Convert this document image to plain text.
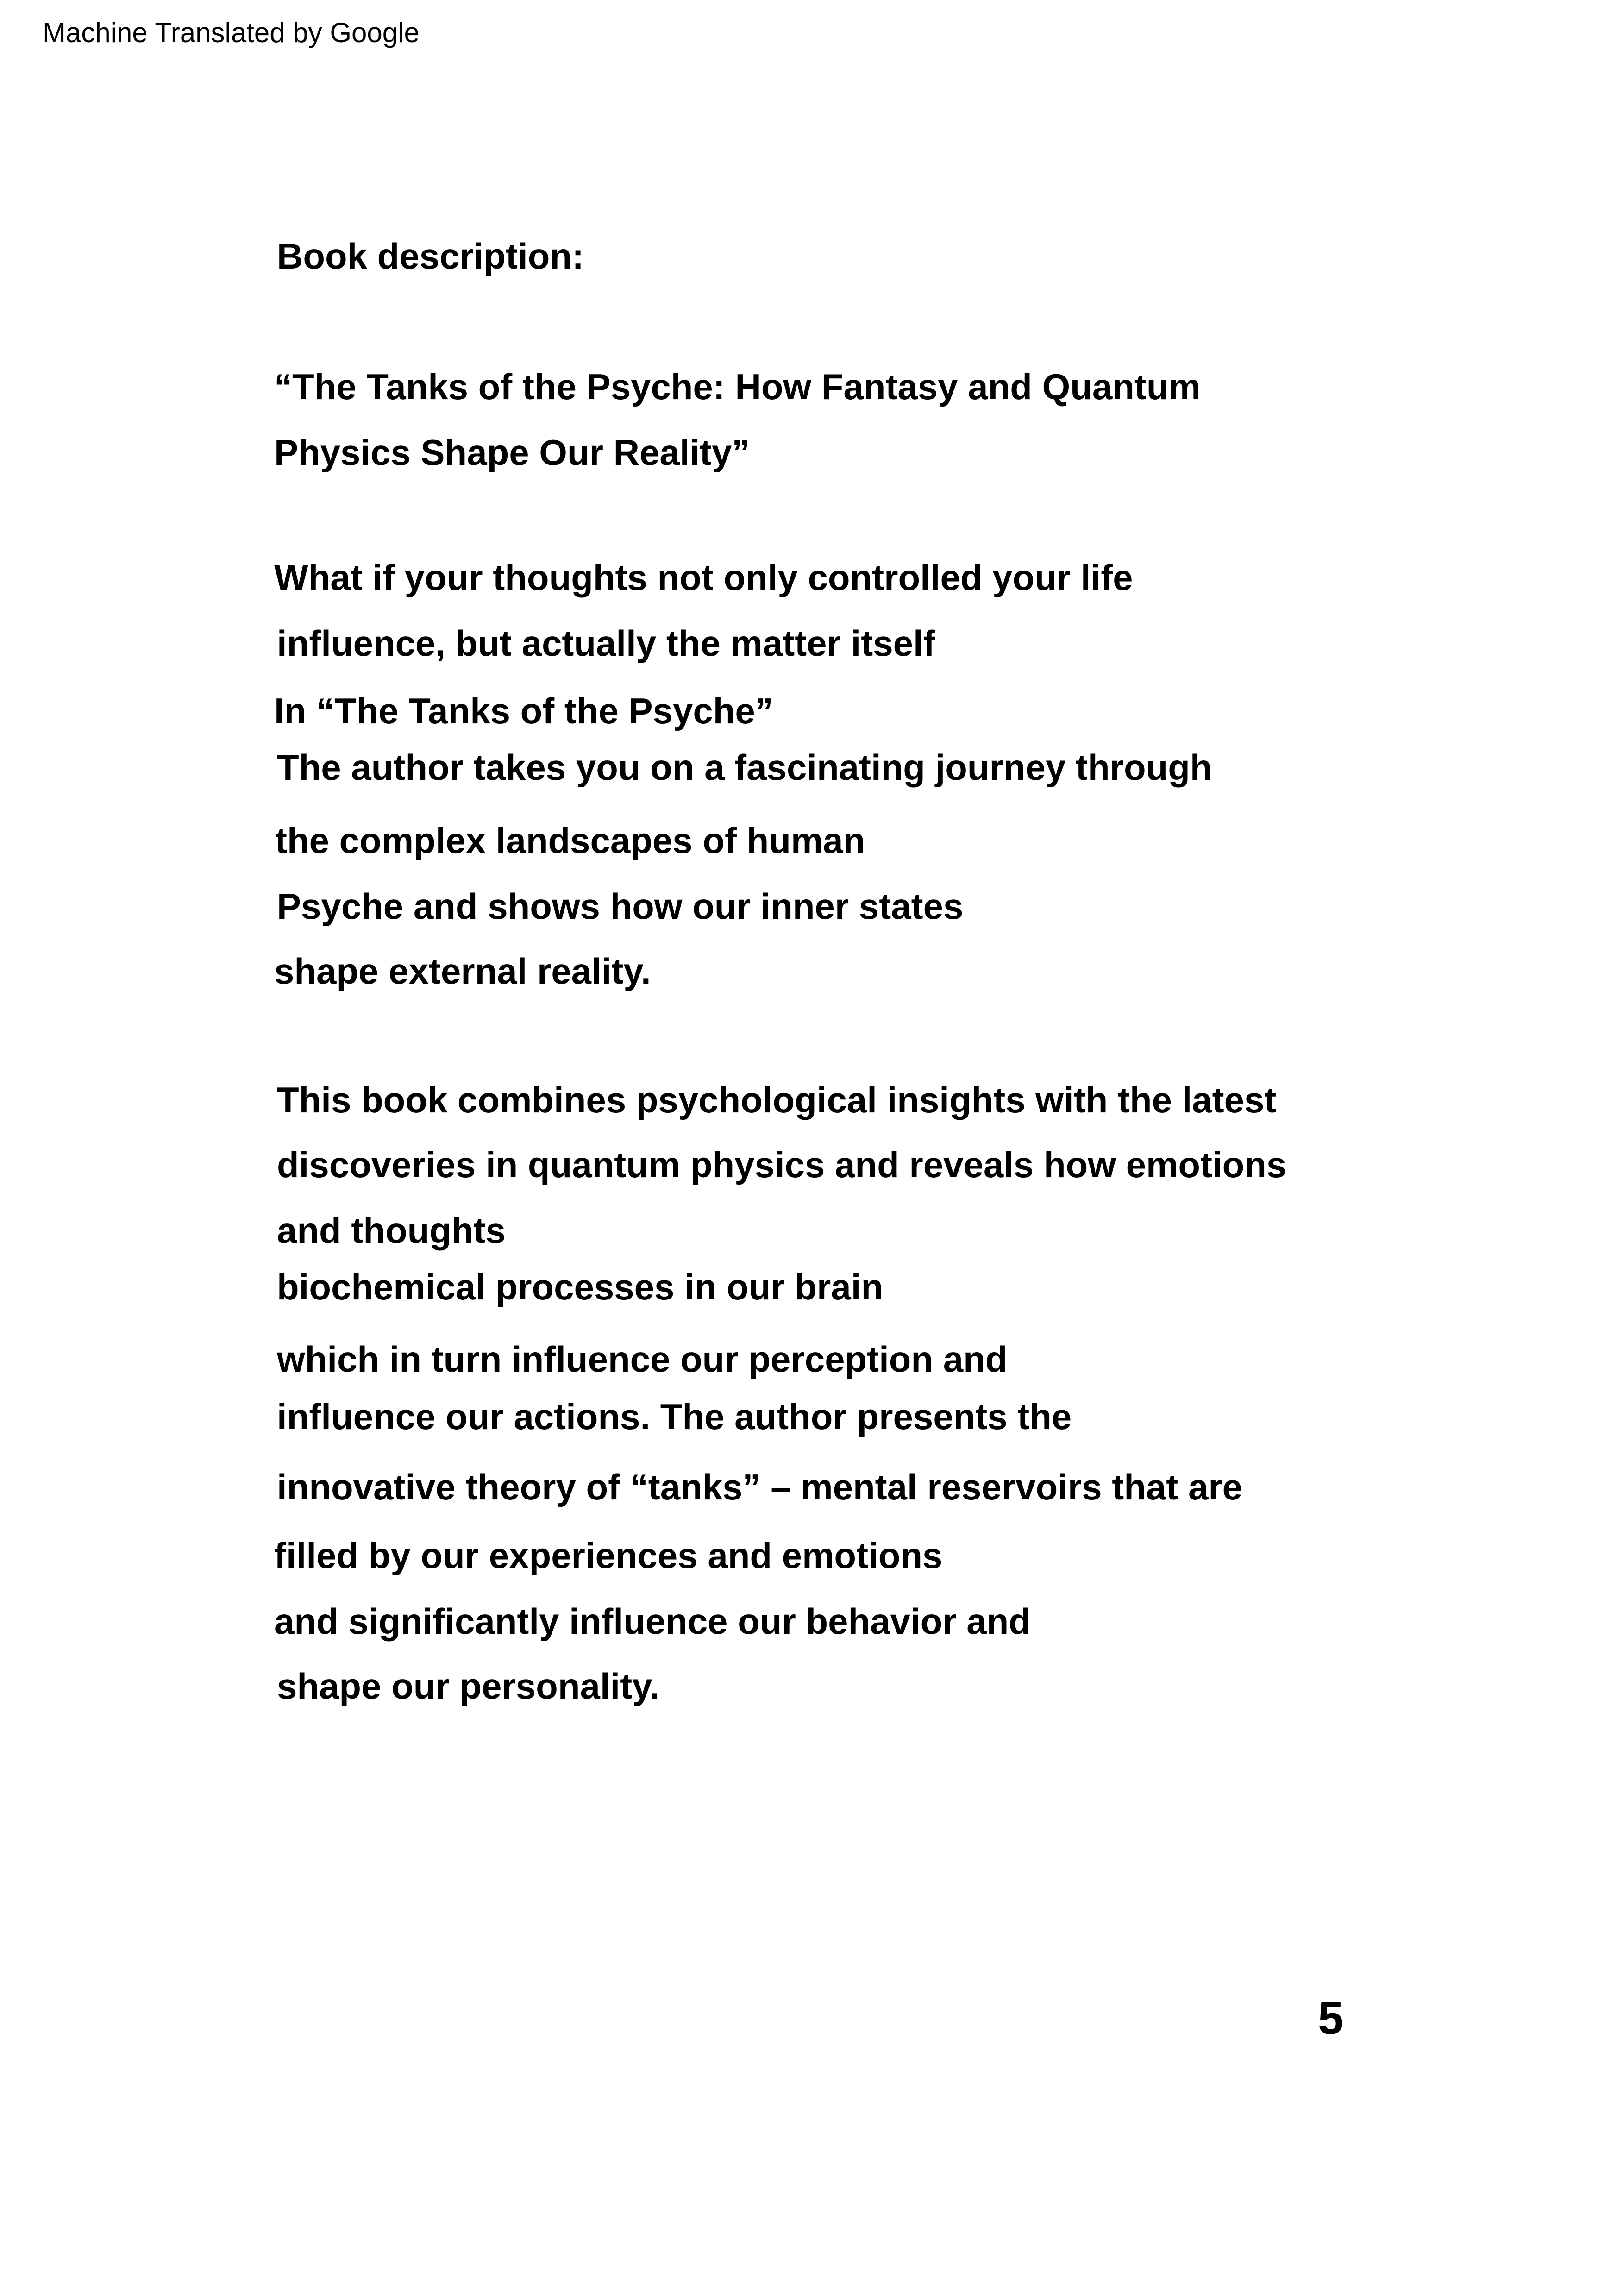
Machine Translated by Google
Book description:
“The Tanks of the Psyche: How Fantasy and Quantum
Physics Shape Our Reality”
What if your thoughts not only controlled your life
influence, but actually the matter itself
In “The Tanks of the Psyche”
The author takes you on a fascinating journey through
the complex landscapes of human
Psyche and shows how our inner states
shape external reality.
This book combines psychological insights with the latest
discoveries in quantum physics and reveals how emotions
and thoughts
biochemical processes in our brain
which in turn influence our perception and
influence our actions. The author presents the
innovative theory of “tanks” – mental reservoirs that are
filled by our experiences and emotions
and significantly influence our behavior and
shape our personality.
5
